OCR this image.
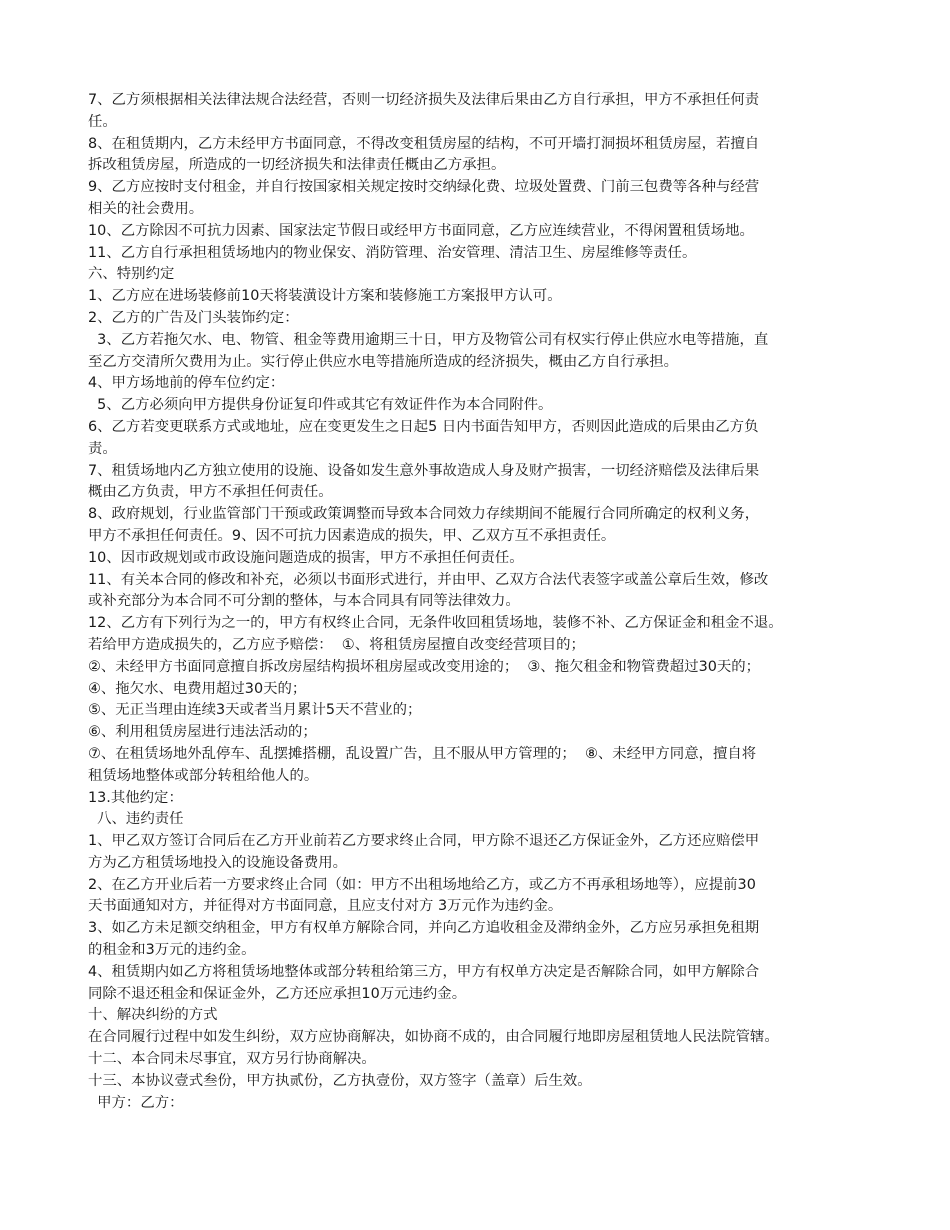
7、乙方须根据相关法律法规合法经营，否则一切经济损失及法律后果由乙方自行承担，甲方不承担任何责
任。
8、在租赁期内，乙方未经甲方书面同意，不得改变租赁房屋的结构，不可开墙打洞损坏租赁房屋，若擅自
拆改租赁房屋，所造成的一切经济损失和法律责任概由乙方承担。
9、乙方应按时支付租金，并自行按国家相关规定按时交纳绿化费、垃圾处置费、门前三包费等各种与经营
相关的社会费用。
10、乙方除因不可抗力因素、国家法定节假日或经甲方书面同意，乙方应连续营业，不得闲置租赁场地。
11、乙方自行承担租赁场地内的物业保安、消防管理、治安管理、清洁卫生、房屋维修等责任。
六、特别约定
1、乙方应在进场装修前10天将装潢设计方案和装修施工方案报甲方认可。
2、乙方的广告及门头装饰约定：
3、乙方若拖欠水、电、物管、租金等费用逾期三十日，甲方及物管公司有权实行停止供应水电等措施，直
至乙方交清所欠费用为止。实行停止供应水电等措施所造成的经济损失，概由乙方自行承担。
4、甲方场地前的停车位约定：
5、乙方必须向甲方提供身份证复印件或其它有效证件作为本合同附件。
6、乙方若变更联系方式或地址，应在变更发生之日起5 日内书面告知甲方，否则因此造成的后果由乙方负
责。
7、租赁场地内乙方独立使用的设施、设备如发生意外事故造成人身及财产损害，一切经济赔偿及法律后果
概由乙方负责，甲方不承担任何责任。
8、政府规划，行业监管部门干预或政策调整而导致本合同效力存续期间不能履行合同所确定的权利义务，
甲方不承担任何责任。9、因不可抗力因素造成的损失，甲、乙双方互不承担责任。
10、因市政规划或市政设施问题造成的损害，甲方不承担任何责任。
11、有关本合同的修改和补充，必须以书面形式进行，并由甲、乙双方合法代表签字或盖公章后生效，修改
或补充部分为本合同不可分割的整体，与本合同具有同等法律效力。
12、乙方有下列行为之一的，甲方有权终止合同，无条件收回租赁场地，装修不补、乙方保证金和租金不退。
若给甲方造成损失的，乙方应予赔偿：  ①、将租赁房屋擅自改变经营项目的；
②、未经甲方书面同意擅自拆改房屋结构损坏租房屋或改变用途的；  ③、拖欠租金和物管费超过30天的；
④、拖欠水、电费用超过30天的；
⑤、无正当理由连续3天或者当月累计5天不营业的；
⑥、利用租赁房屋进行违法活动的；
⑦、在租赁场地外乱停车、乱摆摊搭棚，乱设置广告，且不服从甲方管理的；  ⑧、未经甲方同意，擅自将
租赁场地整体或部分转租给他人的。
13.其他约定：
八、违约责任
1、甲乙双方签订合同后在乙方开业前若乙方要求终止合同，甲方除不退还乙方保证金外，乙方还应赔偿甲
方为乙方租赁场地投入的设施设备费用。
2、在乙方开业后若一方要求终止合同（如：甲方不出租场地给乙方，或乙方不再承租场地等），应提前30
天书面通知对方，并征得对方书面同意，且应支付对方 3万元作为违约金。
3、如乙方未足额交纳租金，甲方有权单方解除合同，并向乙方追收租金及滞纳金外，乙方应另承担免租期
的租金和3万元的违约金。
4、租赁期内如乙方将租赁场地整体或部分转租给第三方，甲方有权单方决定是否解除合同，如甲方解除合
同除不退还租金和保证金外，乙方还应承担10万元违约金。
十、解决纠纷的方式
在合同履行过程中如发生纠纷，双方应协商解决，如协商不成的，由合同履行地即房屋租赁地人民法院管辖。
十二、本合同未尽事宜，双方另行协商解决。
十三、本协议壹式叁份，甲方执贰份，乙方执壹份，双方签字（盖章）后生效。
甲方：乙方：
